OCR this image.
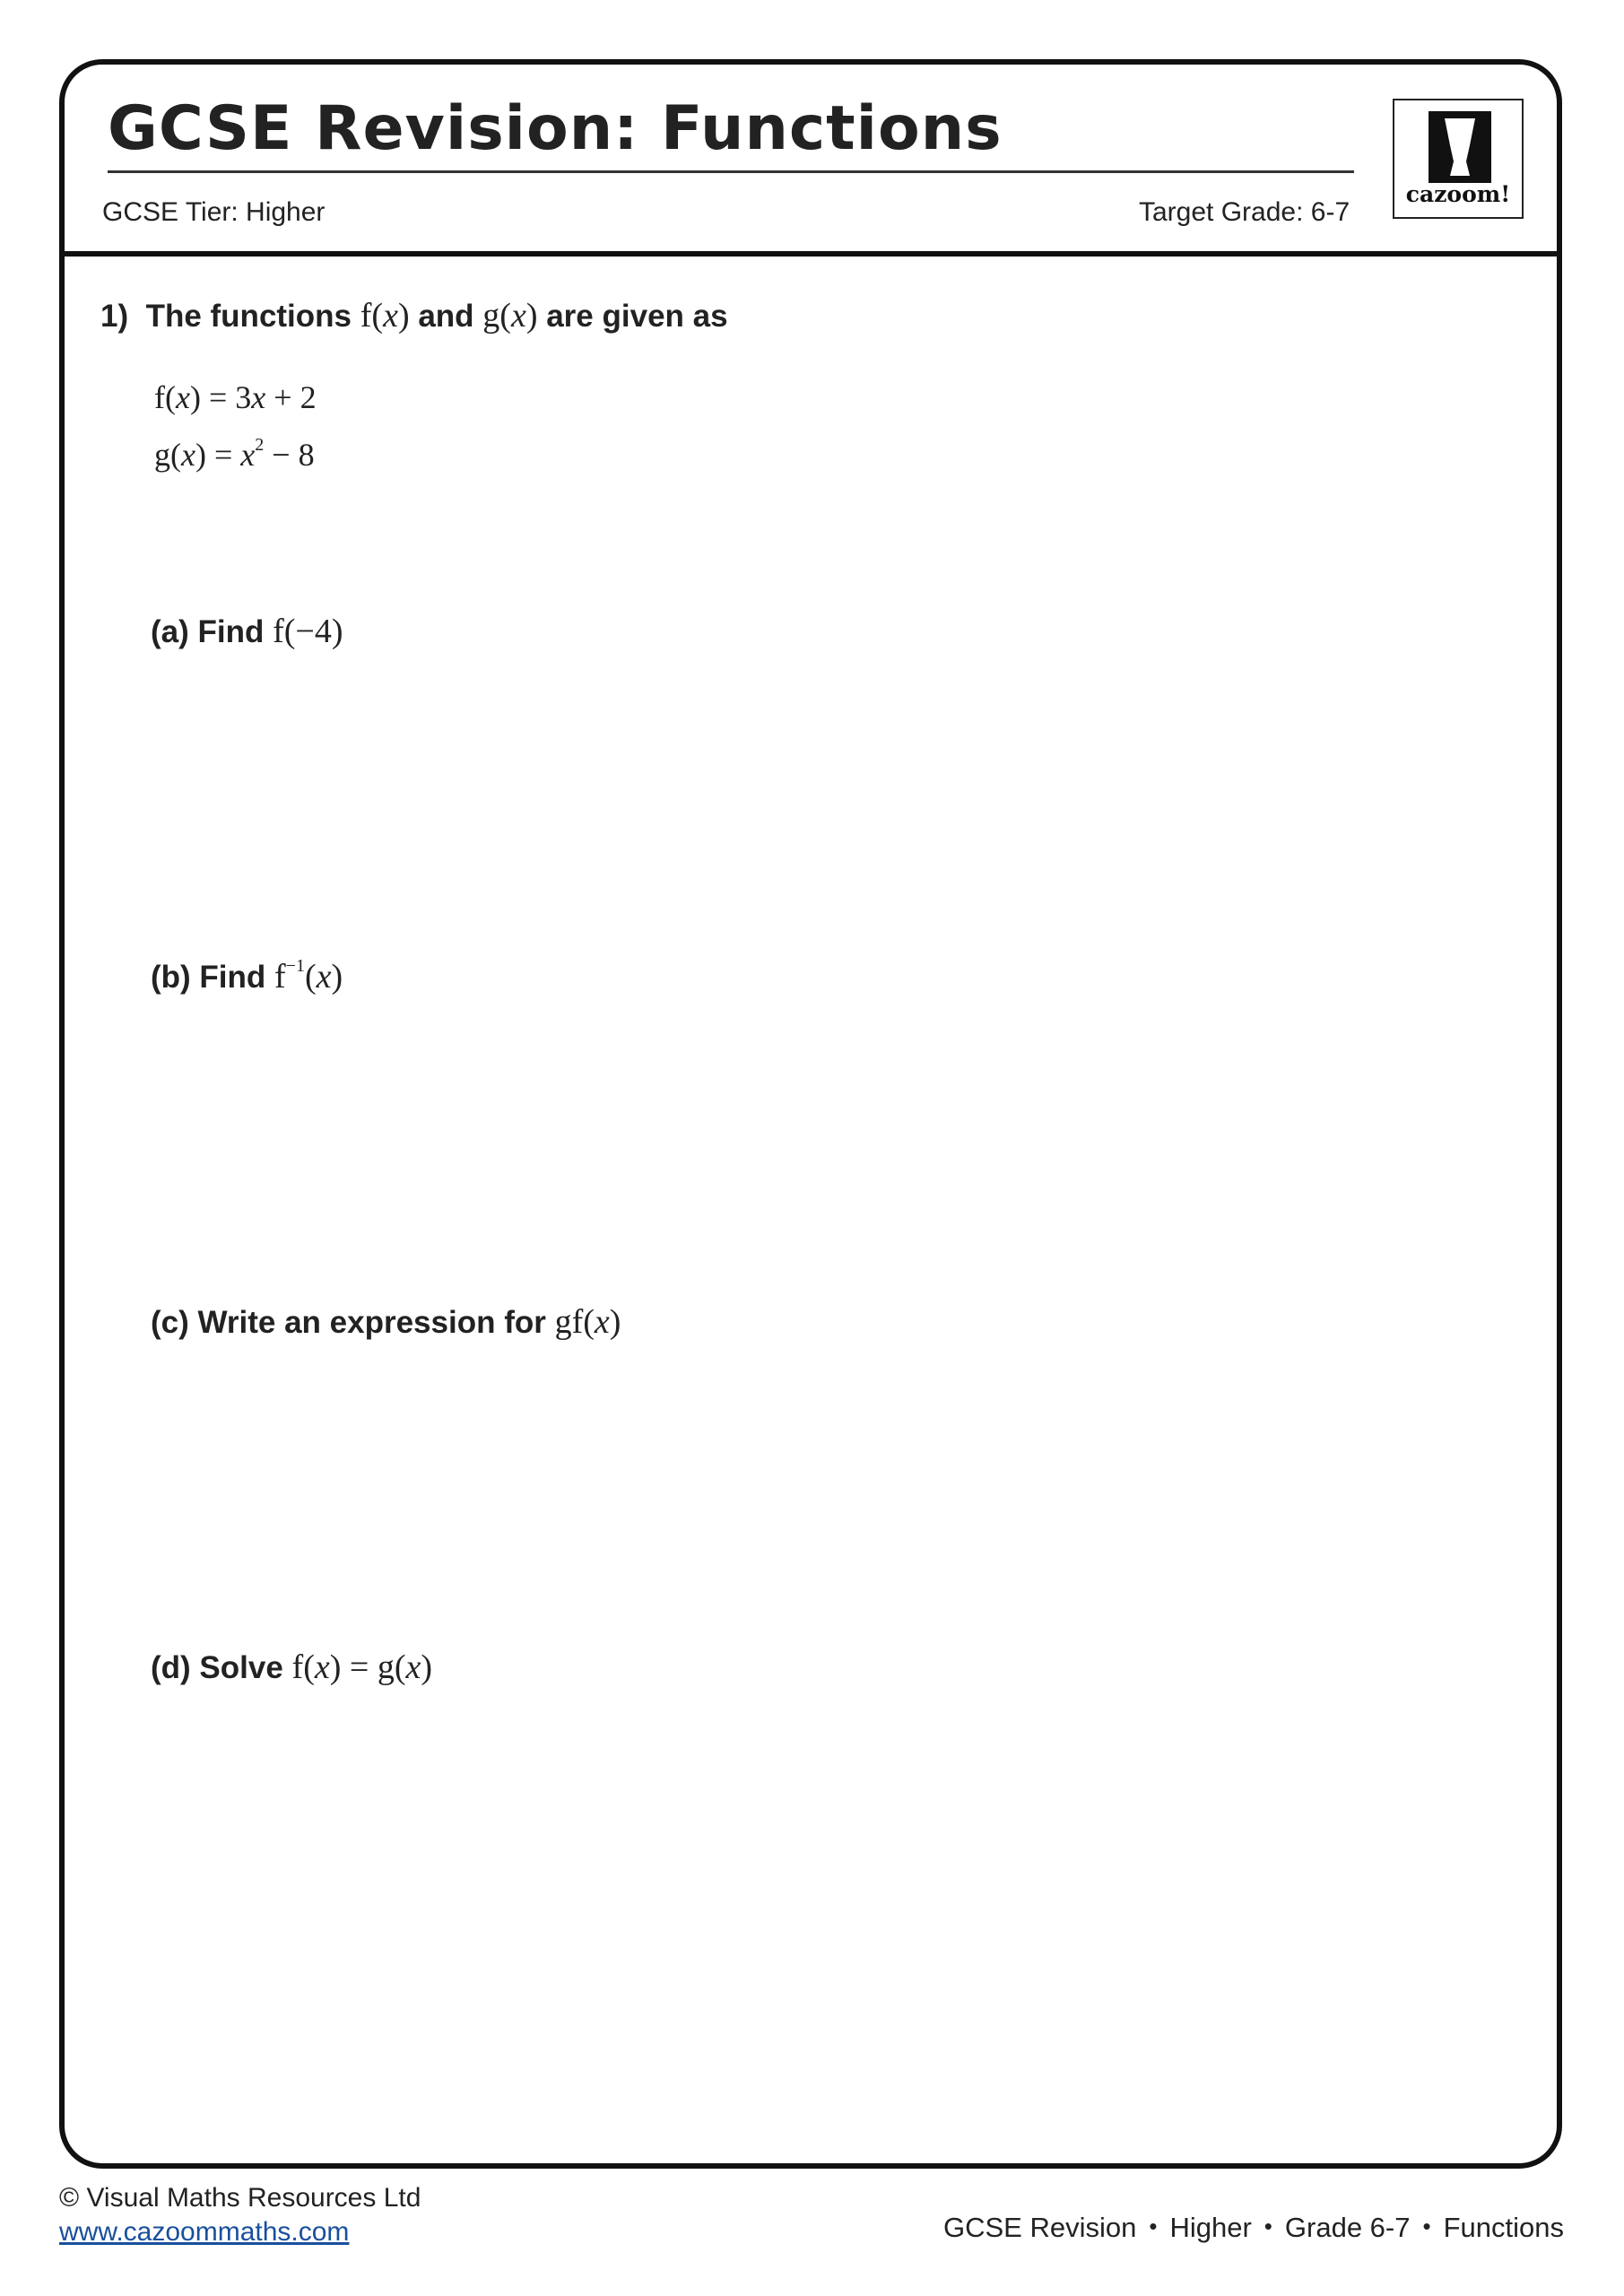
GCSE Revision: Functions
GCSE Tier: Higher	Target Grade: 6-7
cazoom!
1) The functions f(x) and g(x) are given as
f(x) = 3x + 2
$g(x) = x^2 - 8$
(a) Find f(−4)
(b) Find $f^{-1}(x)$
(c) Write an expression for gf(x)
(d) Solve f(x) = g(x)
© Visual Maths Resources Ltd
www.cazoommaths.com	GCSE Revision • Higher • Grade 6-7 • Functions
